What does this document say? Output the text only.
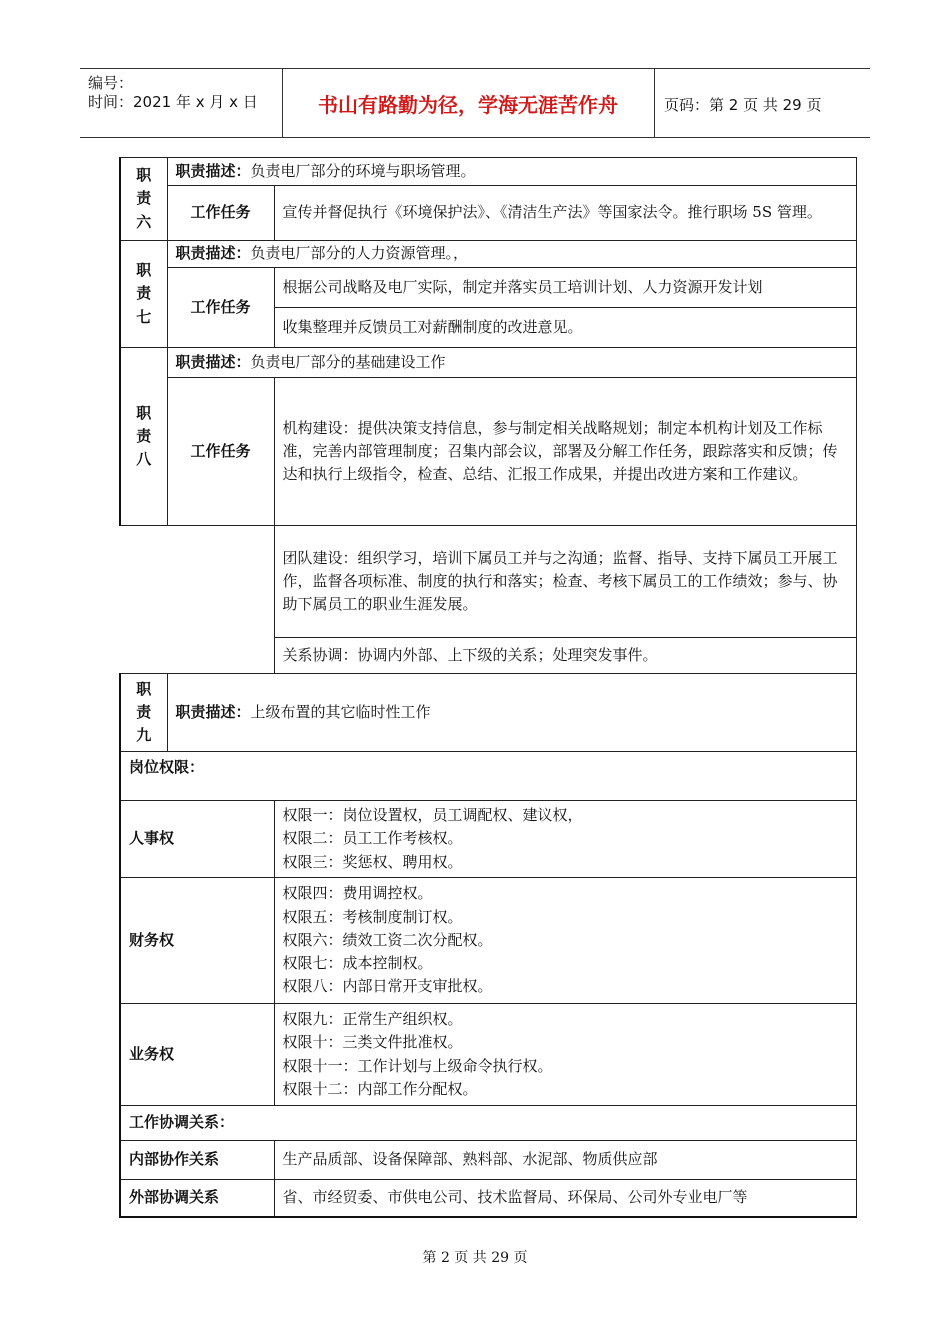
编号：
时间：2021 年 x 月 x 日	书山有路勤为径，学海无涯苦作舟	页码：第 2 页 共 29 页
职
责
六	职责描述：负责电厂部分的环境与职场管理。	
	工作任务	宣传并督促执行《环境保护法》、《清洁生产法》等国家法令。推行职场 5S 管理。
职
责
七	职责描述：负责电厂部分的人力资源管理。，	
	工作任务	根据公司战略及电厂实际，制定并落实员工培训计划、人力资源开发计划
		收集整理并反馈员工对薪酬制度的改进意见。
职
责
八	职责描述：负责电厂部分的基础建设工作	
	工作任务	机构建设：提供决策支持信息，参与制定相关战略规划；制定本机构计划及工作标准，完善内部管理制度；召集内部会议，部署及分解工作任务，跟踪落实和反馈；传达和执行上级指令，检查、总结、汇报工作成果，并提出改进方案和工作建议。
		团队建设：组织学习，培训下属员工并与之沟通；监督、指导、支持下属员工开展工作，监督各项标准、制度的执行和落实；检查、考核下属员工的工作绩效；参与、协助下属员工的职业生涯发展。
		关系协调：协调内外部、上下级的关系；处理突发事件。
职
责
九	职责描述：上级布置的其它临时性工作	
岗位权限：		
人事权		权限一：岗位设置权，员工调配权、建议权，
权限二：员工工作考核权。
权限三：奖惩权、聘用权。

财务权		权限四：费用调控权。
权限五：考核制度制订权。
权限六：绩效工资二次分配权。
权限七：成本控制权。
权限八：内部日常开支审批权。

业务权		权限九：正常生产组织权。
权限十：三类文件批准权。
权限十一：工作计划与上级命令执行权。
权限十二：内部工作分配权。

工作协调关系：		
内部协作关系		生产品质部、设备保障部、熟料部、水泥部、物质供应部
外部协调关系		省、市经贸委、市供电公司、技术监督局、环保局、公司外专业电厂等
第 2 页 共 29 页
